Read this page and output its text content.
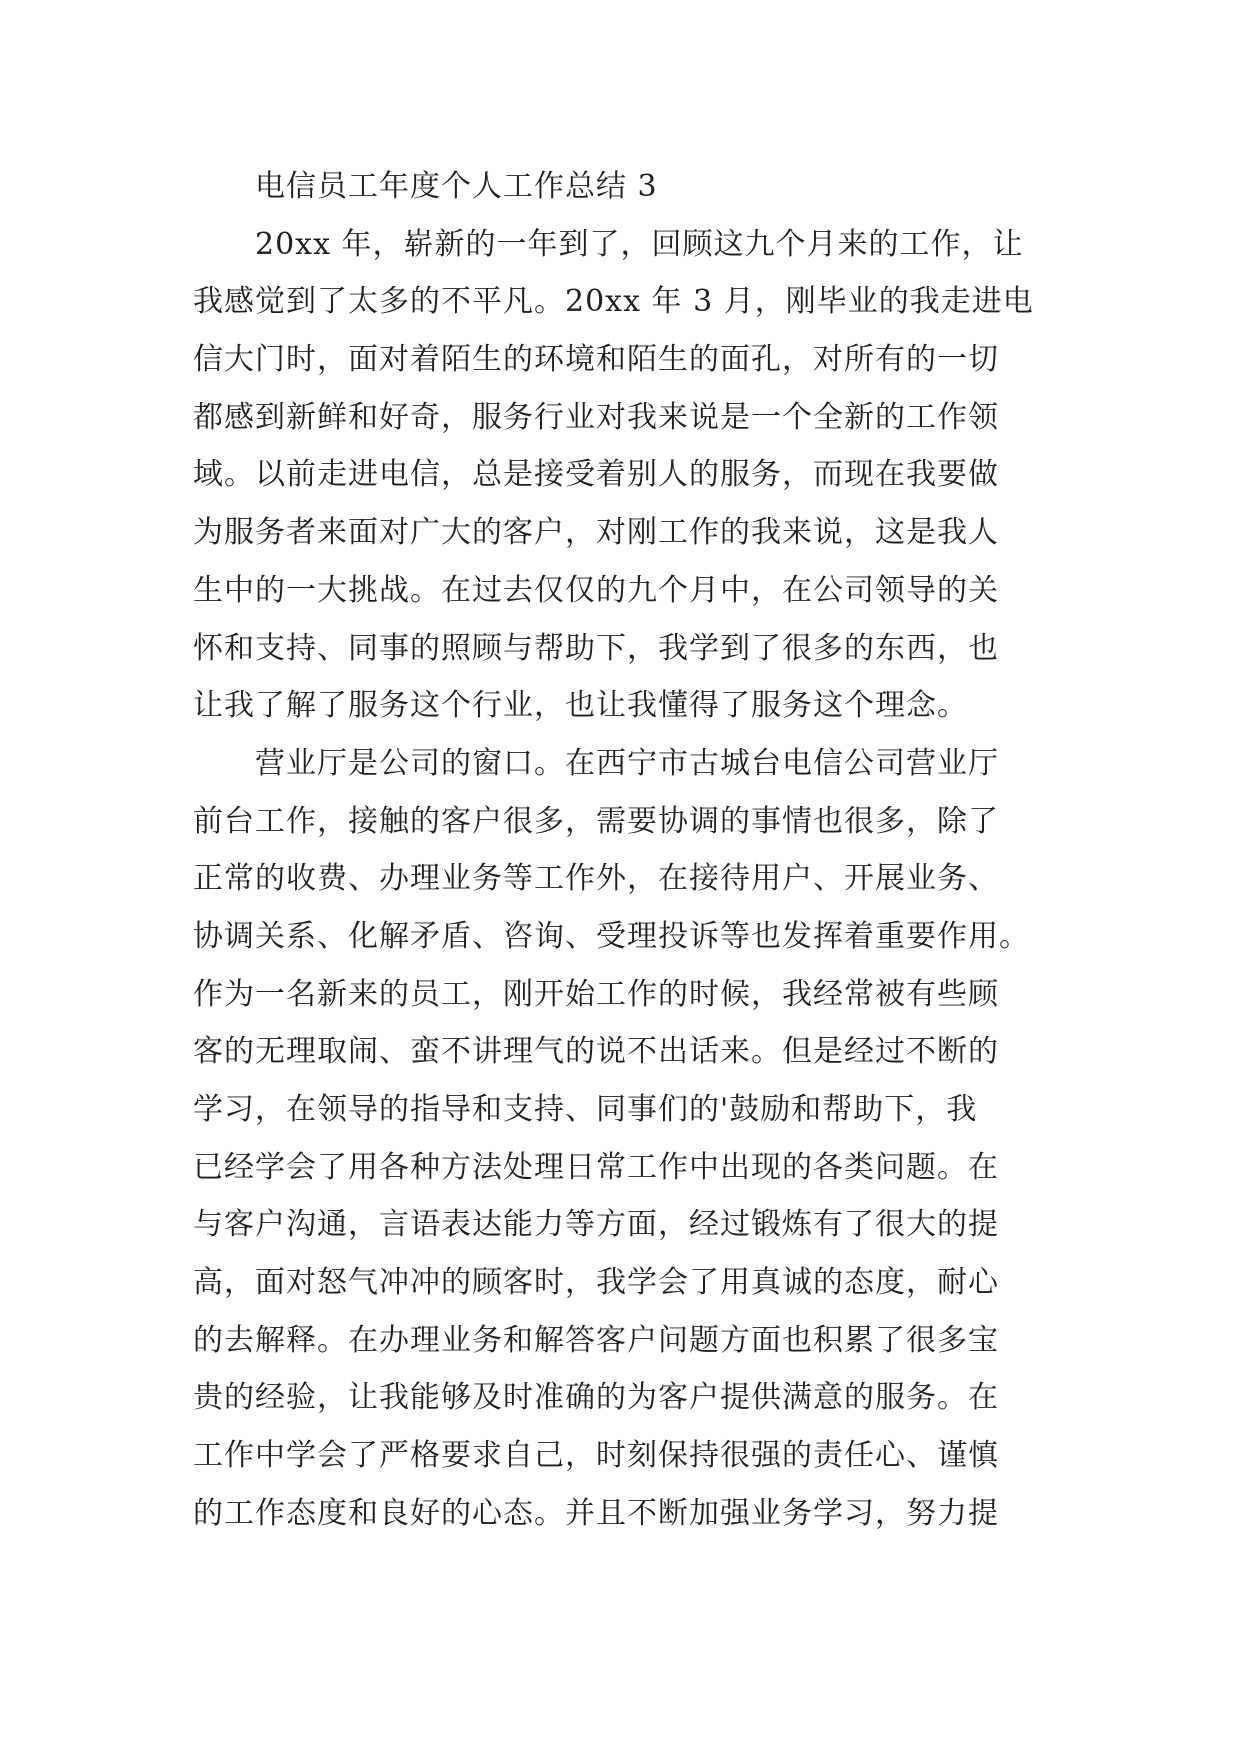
电信员工年度个人工作总结 3
20xx 年，崭新的一年到了，回顾这九个月来的工作，让
我感觉到了太多的不平凡。20xx 年 3 月，刚毕业的我走进电
信大门时，面对着陌生的环境和陌生的面孔，对所有的一切
都感到新鲜和好奇，服务行业对我来说是一个全新的工作领
域。以前走进电信，总是接受着别人的服务，而现在我要做
为服务者来面对广大的客户，对刚工作的我来说，这是我人
生中的一大挑战。在过去仅仅的九个月中，在公司领导的关
怀和支持、同事的照顾与帮助下，我学到了很多的东西，也
让我了解了服务这个行业，也让我懂得了服务这个理念。
营业厅是公司的窗口。在西宁市古城台电信公司营业厅
前台工作，接触的客户很多，需要协调的事情也很多，除了
正常的收费、办理业务等工作外，在接待用户、开展业务、
协调关系、化解矛盾、咨询、受理投诉等也发挥着重要作用。
作为一名新来的员工，刚开始工作的时候，我经常被有些顾
客的无理取闹、蛮不讲理气的说不出话来。但是经过不断的
学习，在领导的指导和支持、同事们的'鼓励和帮助下，我
已经学会了用各种方法处理日常工作中出现的各类问题。在
与客户沟通，言语表达能力等方面，经过锻炼有了很大的提
高，面对怒气冲冲的顾客时，我学会了用真诚的态度，耐心
的去解释。在办理业务和解答客户问题方面也积累了很多宝
贵的经验，让我能够及时准确的为客户提供满意的服务。在
工作中学会了严格要求自己，时刻保持很强的责任心、谨慎
的工作态度和良好的心态。并且不断加强业务学习，努力提
